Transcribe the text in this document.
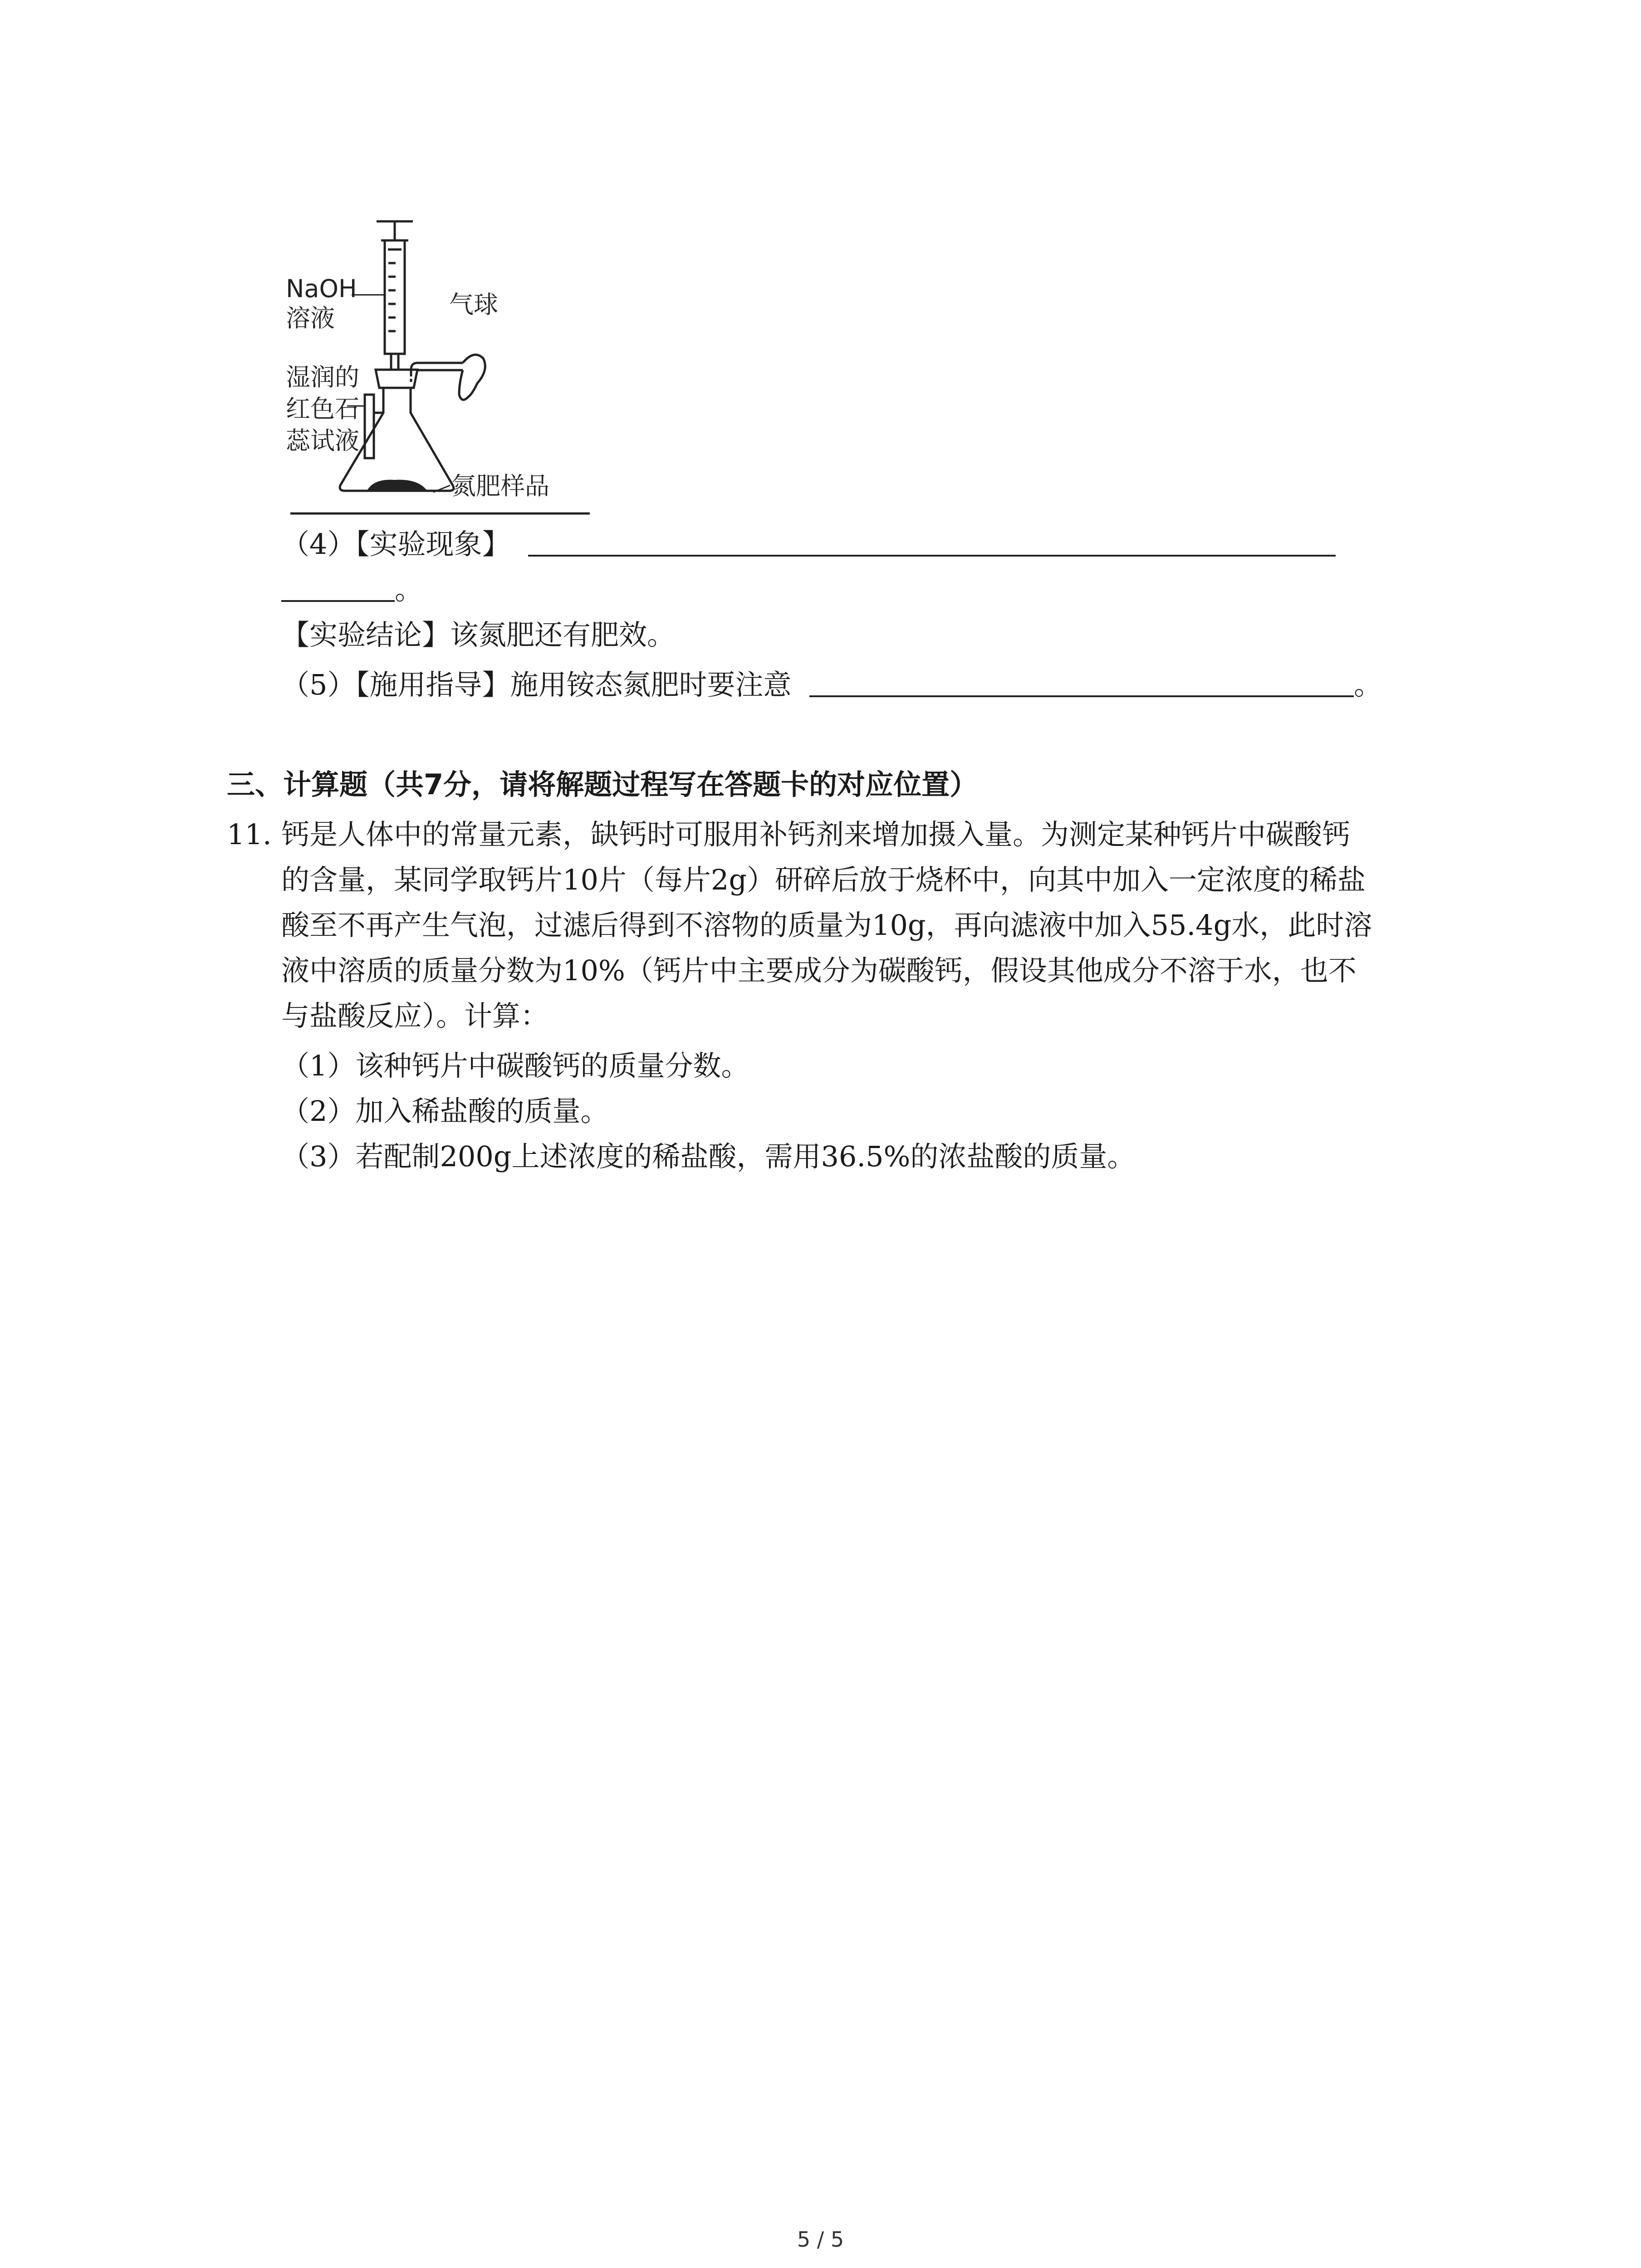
NaOH
溶液	气球
湿润的
红色石
蕊试液
氮肥样品
（4）【实验现象】
。
【实验结论】该氮肥还有肥效。
（5）【施用指导】施用铵态氮肥时要注意	。
三、计算题（共7分，请将解题过程写在答题卡的对应位置）
11. 钙是人体中的常量元素，缺钙时可服用补钙剂来增加摄入量。为测定某种钙片中碳酸钙
的含量，某同学取钙片10片（每片2g）研碎后放于烧杯中，向其中加入一定浓度的稀盐
酸至不再产生气泡，过滤后得到不溶物的质量为10g，再向滤液中加入55.4g水，此时溶
液中溶质的质量分数为10%（钙片中主要成分为碳酸钙，假设其他成分不溶于水，也不
与盐酸反应）。计算：
（1）该种钙片中碳酸钙的质量分数。
（2）加入稀盐酸的质量。
（3）若配制200g上述浓度的稀盐酸，需用36.5%的浓盐酸的质量。
5 / 5
